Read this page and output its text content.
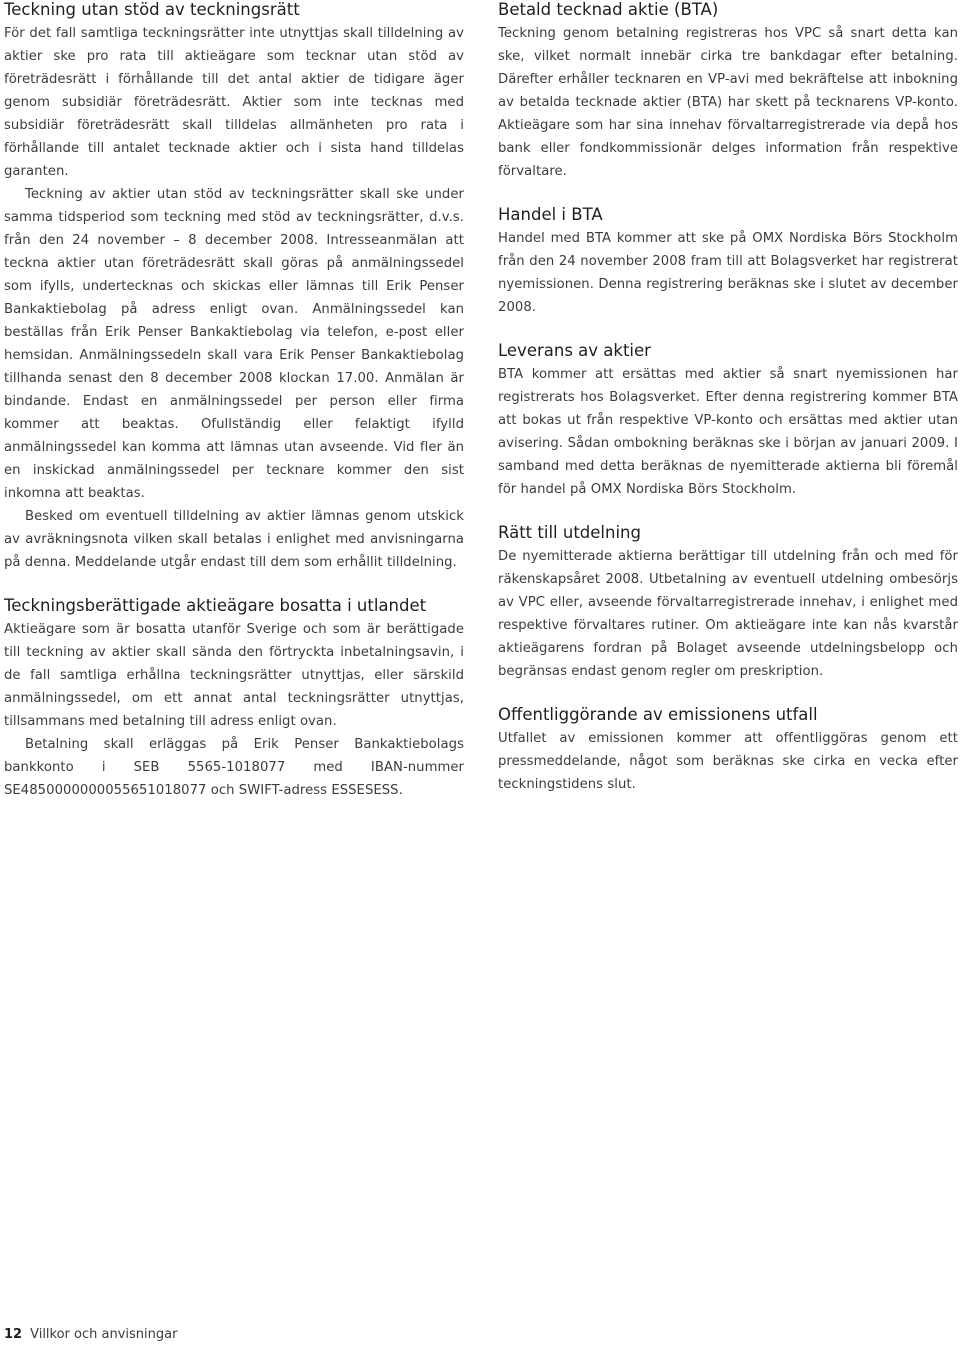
Teckning utan stöd av teckningsrätt

För det fall samtliga teckningsrätter inte utnyttjas skall tilldelning av aktier ske pro rata till aktieägare som tecknar utan stöd av företrädesrätt i förhållande till det antal aktier de tidigare äger genom subsidiär företrädesrätt. Aktier som inte tecknas med subsidiär företrädesrätt skall tilldelas allmänheten pro rata i förhållande till antalet tecknade aktier och i sista hand tilldelas garanten.

Teckning av aktier utan stöd av teckningsrätter skall ske under samma tidsperiod som teckning med stöd av teckningsrätter, d.v.s. från den 24 november – 8 december 2008. Intresseanmälan att teckna aktier utan företrädesrätt skall göras på anmälningssedel som ifylls, undertecknas och skickas eller lämnas till Erik Penser Bankaktiebolag på adress enligt ovan. Anmälningssedel kan beställas från Erik Penser Bankaktiebolag via telefon, e-post eller hemsidan. Anmälningssedeln skall vara Erik Penser Bankaktiebolag tillhanda senast den 8 december 2008 klockan 17.00. Anmälan är bindande. Endast en anmälningssedel per person eller firma kommer att beaktas. Ofullständig eller felaktigt ifylld anmälningssedel kan komma att lämnas utan avseende. Vid fler än en inskickad anmälningssedel per tecknare kommer den sist inkomna att beaktas.

Besked om eventuell tilldelning av aktier lämnas genom utskick av avräkningsnota vilken skall betalas i enlighet med anvisningarna på denna. Meddelande utgår endast till dem som erhållit tilldelning.

Teckningsberättigade aktieägare bosatta i utlandet

Aktieägare som är bosatta utanför Sverige och som är berättigade till teckning av aktier skall sända den förtryckta inbetalningsavin, i de fall samtliga erhållna teckningsrätter utnyttjas, eller särskild anmälningssedel, om ett annat antal teckningsrätter utnyttjas, tillsammans med betalning till adress enligt ovan.

Betalning skall erläggas på Erik Penser Bankaktiebolags bankkonto i SEB 5565-1018077 med IBAN-nummer SE4850000000055651018077 och SWIFT-adress ESSESESS.

Betald tecknad aktie (BTA)

Teckning genom betalning registreras hos VPC så snart detta kan ske, vilket normalt innebär cirka tre bankdagar efter betalning. Därefter erhåller tecknaren en VP-avi med bekräftelse att inbokning av betalda tecknade aktier (BTA) har skett på tecknarens VP-konto. Aktieägare som har sina innehav förvaltarregistrerade via depå hos bank eller fondkommissionär delges information från respektive förvaltare.

Handel i BTA

Handel med BTA kommer att ske på OMX Nordiska Börs Stockholm från den 24 november 2008 fram till att Bolagsverket har registrerat nyemissionen. Denna registrering beräknas ske i slutet av december 2008.

Leverans av aktier

BTA kommer att ersättas med aktier så snart nyemissionen har registrerats hos Bolagsverket. Efter denna registrering kommer BTA att bokas ut från respektive VP-konto och ersättas med aktier utan avisering. Sådan ombokning beräknas ske i början av januari 2009. I samband med detta beräknas de nyemitterade aktierna bli föremål för handel på OMX Nordiska Börs Stockholm.

Rätt till utdelning

De nyemitterade aktierna berättigar till utdelning från och med för räkenskapsåret 2008. Utbetalning av eventuell utdelning ombesörjs av VPC eller, avseende förvaltarregistrerade innehav, i enlighet med respektive förvaltares rutiner. Om aktieägare inte kan nås kvarstår aktieägarens fordran på Bolaget avseende utdelningsbelopp och begränsas endast genom regler om preskription.

Offentliggörande av emissionens utfall

Utfallet av emissionen kommer att offentliggöras genom ett pressmeddelande, något som beräknas ske cirka en vecka efter teckningstidens slut.

12 Villkor och anvisningar
